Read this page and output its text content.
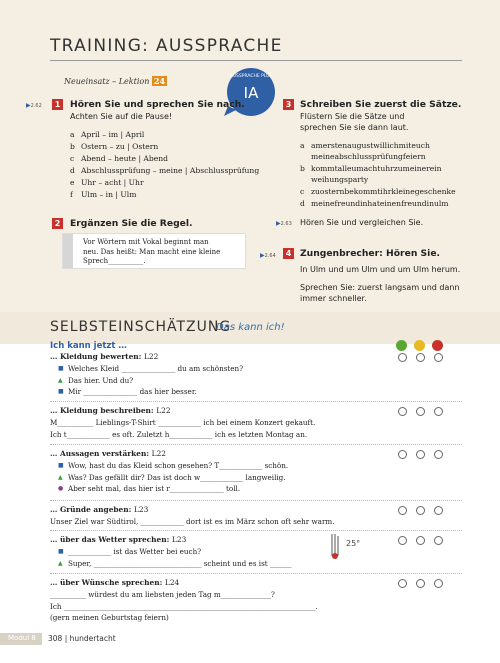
TRAINING: AUSSPRACHE
Neueinsatz – Lektion 24
IA
AUSSPRACHE PLUS
▶2.62	1 Hören Sie und sprechen Sie nach.
Achten Sie auf die Pause!
a April – im | April
b Ostern – zu | Ostern
c Abend – heute | Abend
d Abschlussprüfung – meine | Abschlussprüfung
e Uhr – acht | Uhr
f Ulm – in | Ulm
2 Ergänzen Sie die Regel.
Vor Wörtern mit Vokal beginnt man
neu. Das heißt: Man macht eine kleine
Sprech__________.
3 Schreiben Sie zuerst die Sätze.
Flüstern Sie die Sätze und
sprechen Sie sie dann laut.
a amerstenaugustwillichmiteuch
meineabschlussprüfungfeiern
b kommtalleumachtuhrzumeinerein
weihungsparty
c zuosternbekommtihrkleinegeschenke
d meinefreundinhateinenfreundinulm
▶2.63 Hören Sie und vergleichen Sie.
▶2.64	4 Zungenbrecher: Hören Sie.
In Ulm und um Ulm und um Ulm herum.
Sprechen Sie: zuerst langsam und dann
immer schneller.
SELBSTEINSCHÄTZUNG
Das kann ich!
Ich kann jetzt …
… Kleidung bewerten: L22
■ Welches Kleid _______________ du am schönsten?
▲ Das hier. Und du?
■ Mir _______________ das hier besser.
… Kleidung beschreiben: L22
M__________ Lieblings-T-Shirt ____________ ich bei einem Konzert gekauft.
Ich t____________ es oft. Zuletzt h____________ ich es letzten Montag an.
… Aussagen verstärken: L22
■ Wow, hast du das Kleid schon gesehen? T____________ schön.
▲ Was? Das gefällt dir? Das ist doch w____________ langweilig.
● Aber seht mal, das hier ist r_______________ toll.
… Gründe angeben: L23
Unser Ziel war Südtirol, ____________ dort ist es im März schon oft sehr warm.
… über das Wetter sprechen: L23
■ ____________ ist das Wetter bei euch?
▲ Super, ______________________________ scheint und es ist ______
… über Wünsche sprechen: L24
__________ würdest du am liebsten jeden Tag m______________?
Ich ______________________________________________________________________.
(gern meinen Geburtstag feiern)
25°
Modul 8 308 | hundertacht
